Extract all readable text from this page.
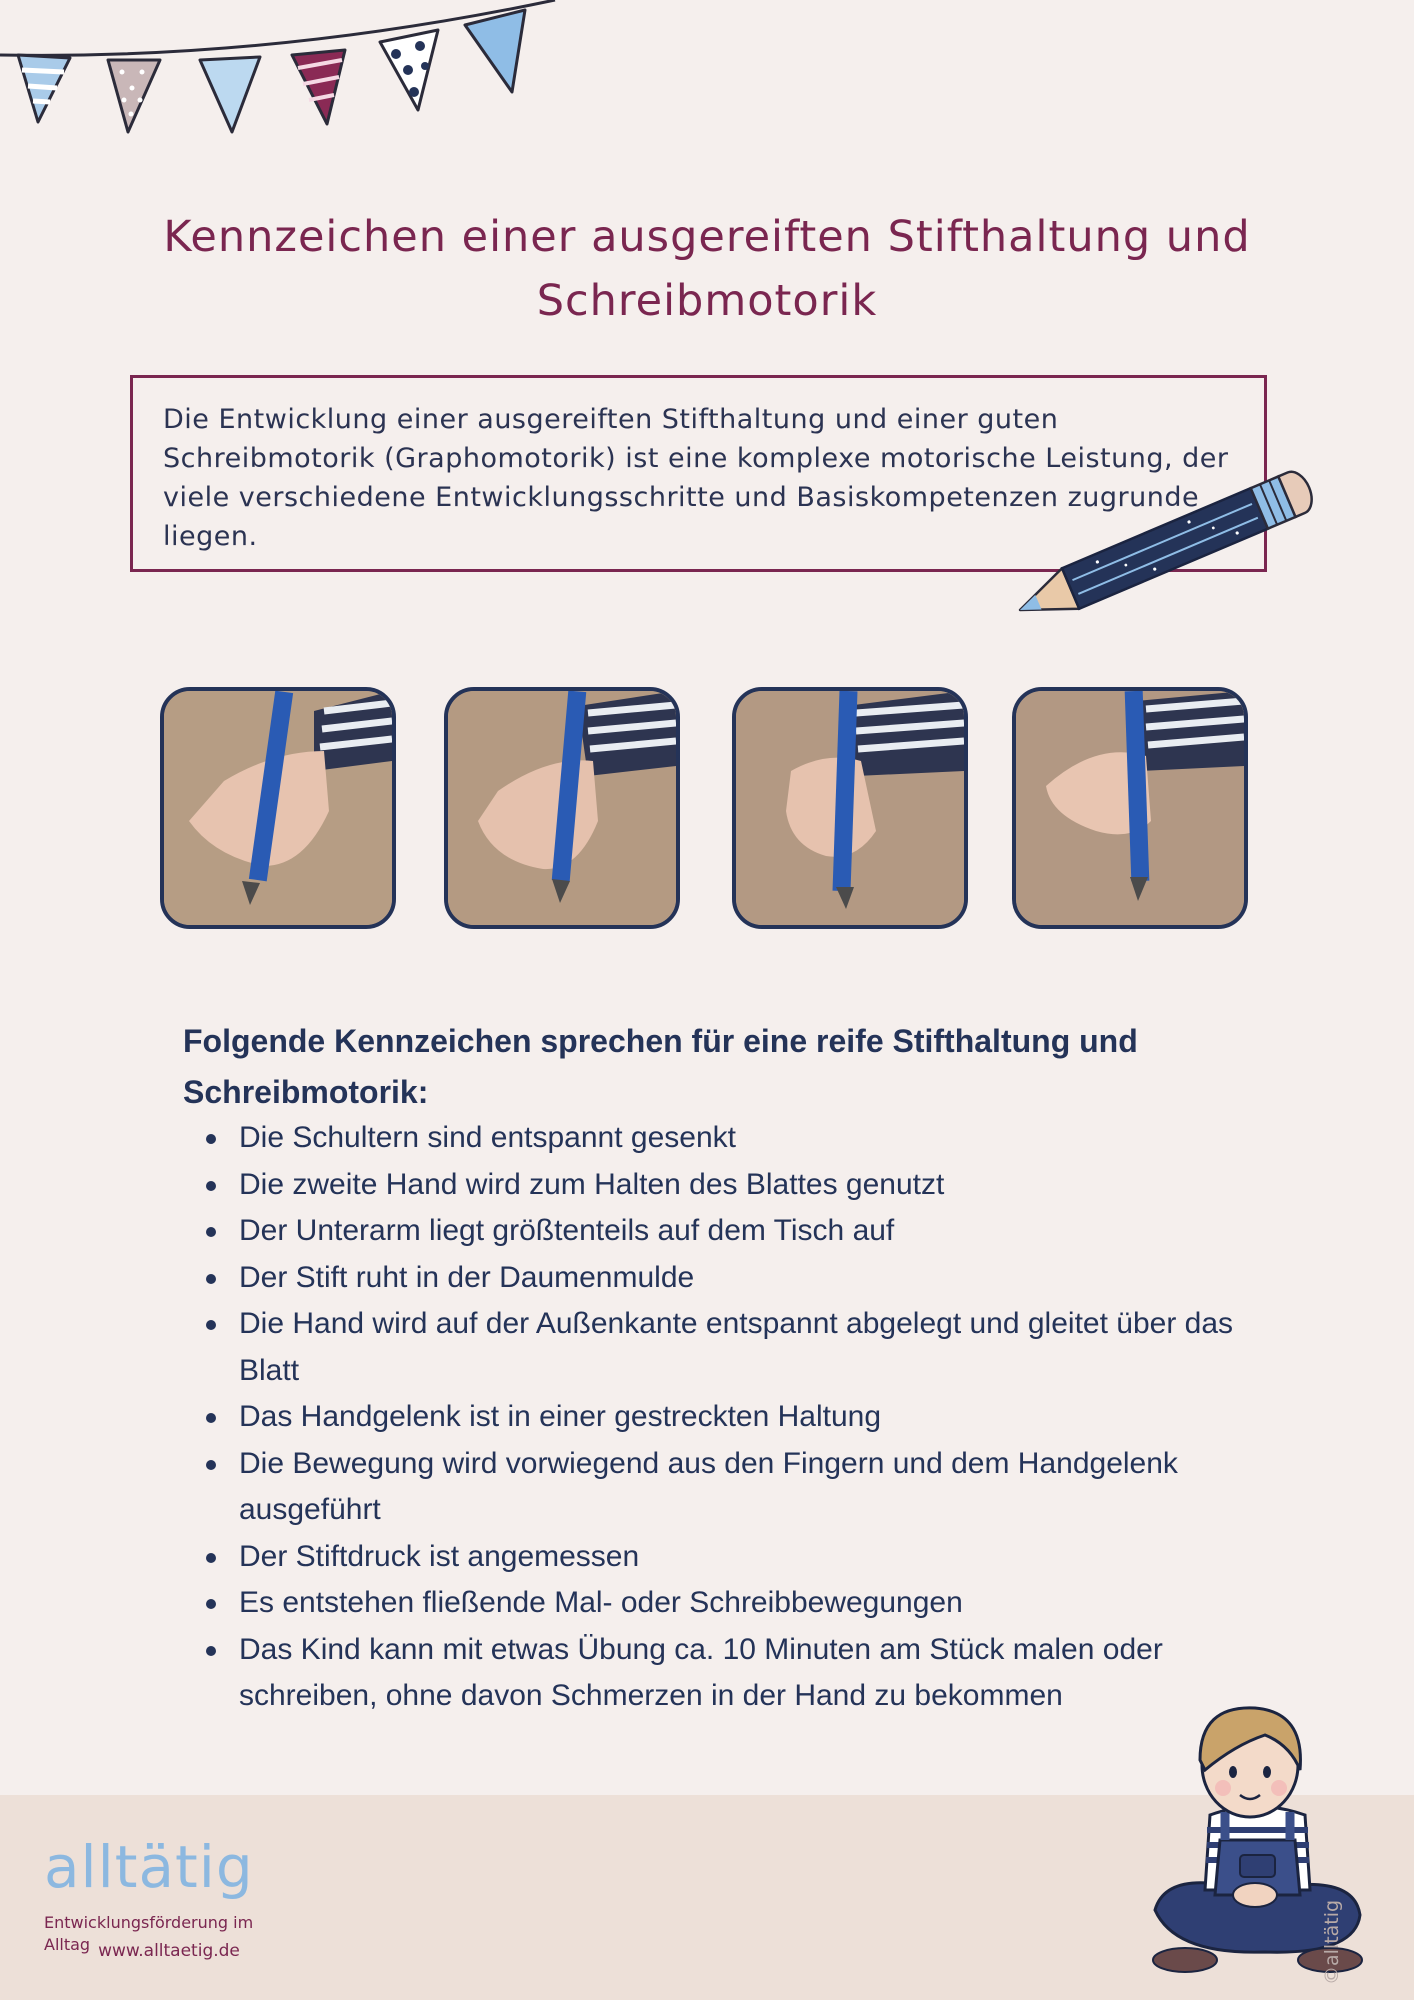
Kennzeichen einer ausgereiften Stifthaltung und Schreibmotorik
Die Entwicklung einer ausgereiften Stifthaltung und einer guten Schreibmotorik (Graphomotorik) ist eine komplexe motorische Leistung, der viele verschiedene Entwicklungsschritte und Basiskompetenzen zugrunde liegen.
Folgende Kennzeichen sprechen für eine reife Stifthaltung und Schreibmotorik:
Die Schultern sind entspannt gesenkt
Die zweite Hand wird zum Halten des Blattes genutzt
Der Unterarm liegt größtenteils auf dem Tisch auf
Der Stift ruht in der Daumenmulde
Die Hand wird auf der Außenkante entspannt abgelegt und gleitet über das Blatt
Das Handgelenk ist in einer gestreckten Haltung
Die Bewegung wird vorwiegend aus den Fingern und dem Handgelenk ausgeführt
Der Stiftdruck ist angemessen
Es entstehen fließende Mal- oder Schreibbewegungen
Das Kind kann mit etwas Übung ca. 10 Minuten am Stück malen oder schreiben, ohne davon Schmerzen in der Hand zu bekommen
alltätig
Entwicklungsförderung im Alltag www.alltaetig.de	©alltätig
